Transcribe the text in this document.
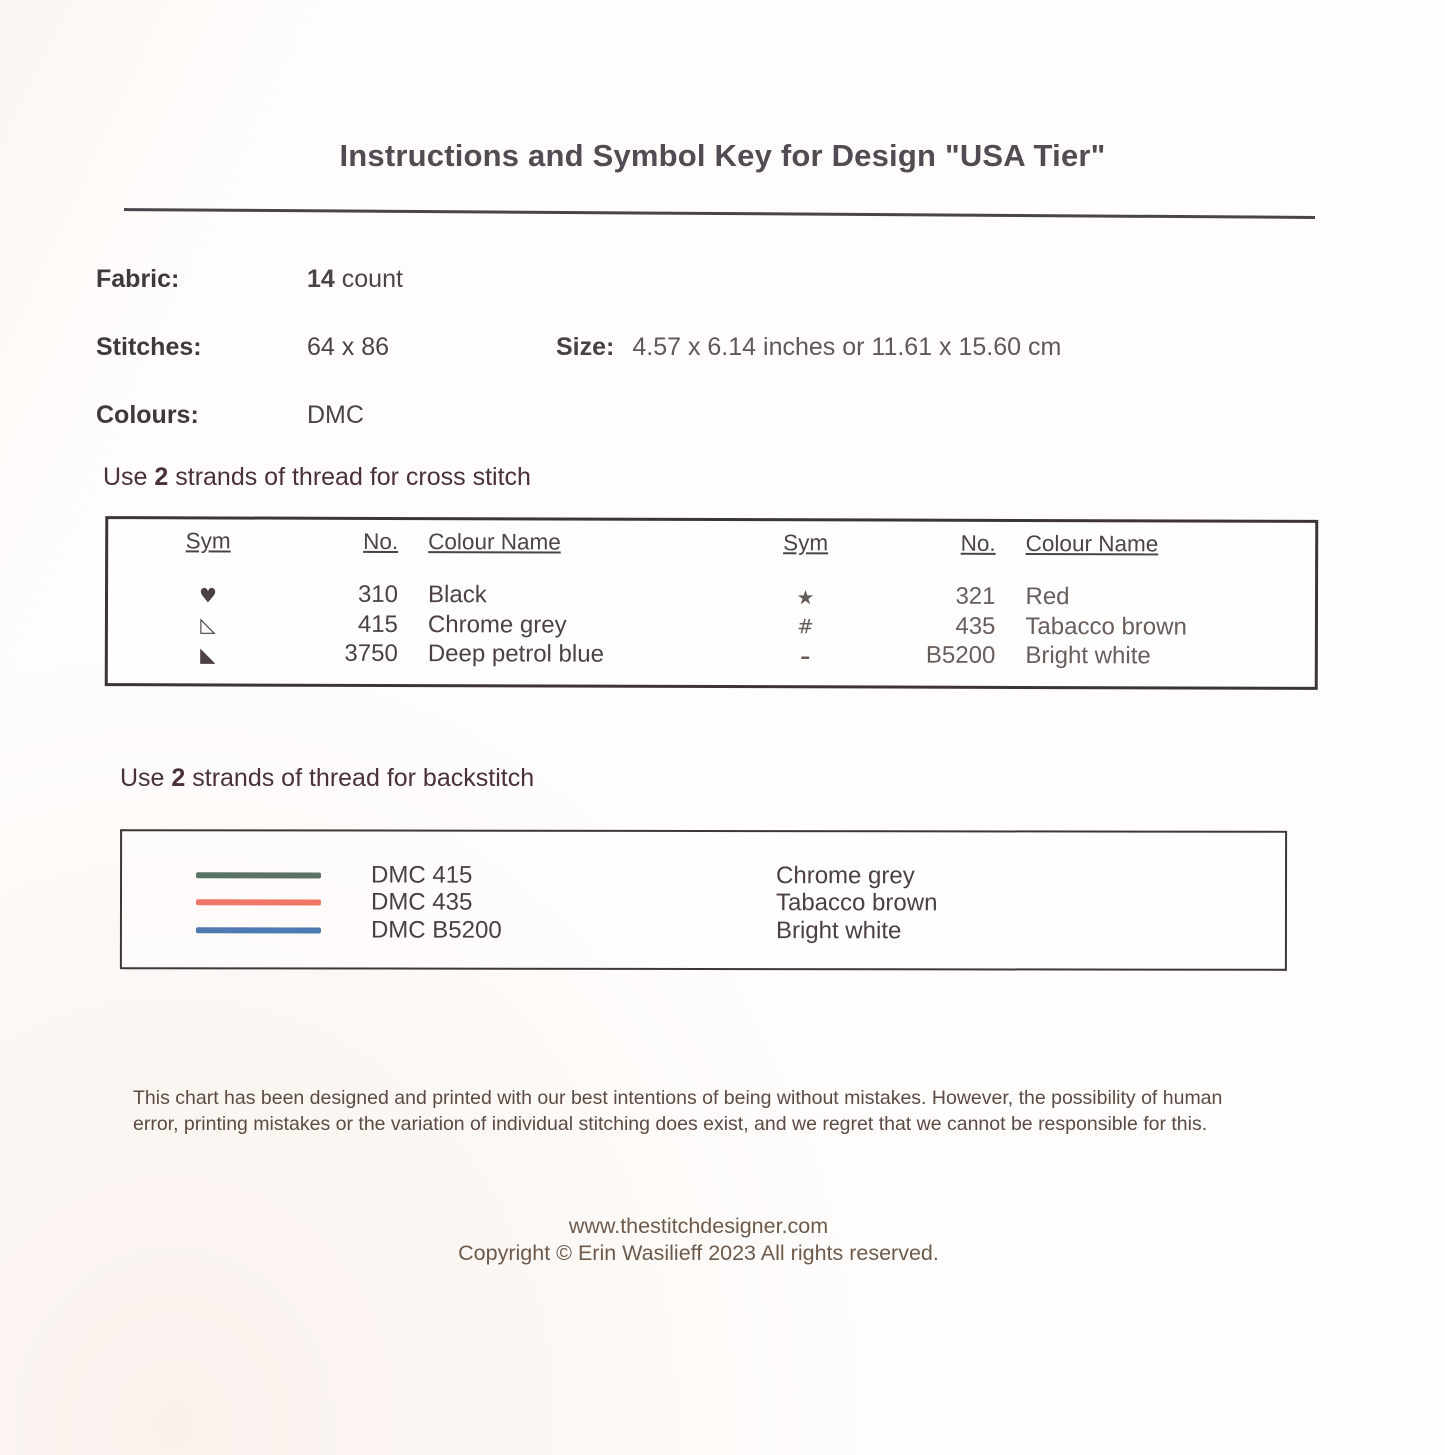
Instructions and Symbol Key for Design "USA Tier"
Fabric:	14 count
Stitches:	64 x 86	Size: 4.57 x 6.14 inches or 11.61 x 15.60 cm
Colours:	DMC
Use 2 strands of thread for cross stitch
Sym	No. Colour Name
♥	310 Black
◺	415 Chrome grey
◣	3750 Deep petrol blue
Sym	No. Colour Name
★	321 Red
#	435 Tabacco brown
–	B5200 Bright white
Use 2 strands of thread for backstitch
DMC 415	Chrome grey
DMC 435	Tabacco brown
DMC B5200	Bright white
This chart has been designed and printed with our best intentions of being without mistakes. However, the possibility of human error, printing mistakes or the variation of individual stitching does exist, and we regret that we cannot be responsible for this.
www.thestitchdesigner.com
Copyright © Erin Wasilieff 2023 All rights reserved.
